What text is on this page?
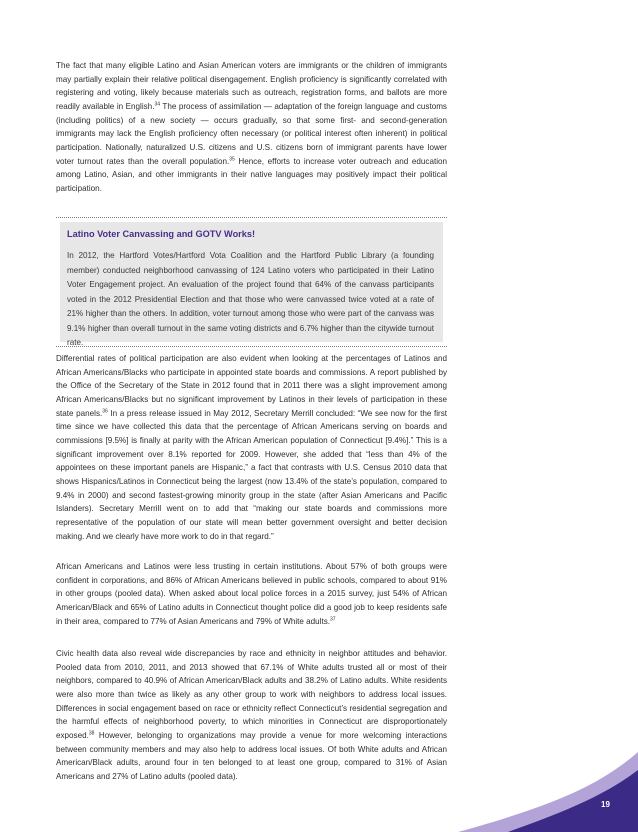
The fact that many eligible Latino and Asian American voters are immigrants or the children of immigrants may partially explain their relative political disengagement. English proficiency is significantly correlated with registering and voting, likely because materials such as outreach, registration forms, and ballots are more readily available in English.$^{34}$ The process of assimilation — adaptation of the foreign language and customs (including politics) of a new society — occurs gradually, so that some first- and second-generation immigrants may lack the English proficiency often necessary (or political interest often inherent) in political participation. Nationally, naturalized U.S. citizens and U.S. citizens born of immigrant parents have lower voter turnout rates than the overall population.$^{35}$ Hence, efforts to increase voter outreach and education among Latino, Asian, and other immigrants in their native languages may positively impact their political participation.

Latino Voter Canvassing and GOTV Works!
In 2012, the Hartford Votes/Hartford Vota Coalition and the Hartford Public Library (a founding member) conducted neighborhood canvassing of 124 Latino voters who participated in their Latino Voter Engagement project. An evaluation of the project found that 64% of the canvass participants voted in the 2012 Presidential Election and that those who were canvassed twice voted at a rate of 21% higher than the others. In addition, voter turnout among those who were part of the canvass was 9.1% higher than overall turnout in the same voting districts and 6.7% higher than the citywide turnout rate.

Differential rates of political participation are also evident when looking at the percentages of Latinos and African Americans/Blacks who participate in appointed state boards and commissions. A report published by the Office of the Secretary of the State in 2012 found that in 2011 there was a slight improvement among African Americans/Blacks but no significant improvement by Latinos in their levels of participation in these state panels.$^{36}$ In a press release issued in May 2012, Secretary Merrill concluded: “We see now for the first time since we have collected this data that the percentage of African Americans serving on boards and commissions [9.5%] is finally at parity with the African American population of Connecticut [9.4%].” This is a significant improvement over 8.1% reported for 2009. However, she added that “less than 4% of the appointees on these important panels are Hispanic,” a fact that contrasts with U.S. Census 2010 data that shows Hispanics/Latinos in Connecticut being the largest (now 13.4% of the state’s population, compared to 9.4% in 2000) and second fastest-growing minority group in the state (after Asian Americans and Pacific Islanders). Secretary Merrill went on to add that “making our state boards and commissions more representative of the population of our state will mean better government oversight and better decision making. And we clearly have more work to do in that regard.”

African Americans and Latinos were less trusting in certain institutions. About 57% of both groups were confident in corporations, and 86% of African Americans believed in public schools, compared to about 91% in other groups (pooled data). When asked about local police forces in a 2015 survey, just 54% of African American/Black and 65% of Latino adults in Connecticut thought police did a good job to keep residents safe in their area, compared to 77% of Asian Americans and 79% of White adults.$^{37}$

Civic health data also reveal wide discrepancies by race and ethnicity in neighbor attitudes and behavior. Pooled data from 2010, 2011, and 2013 showed that 67.1% of White adults trusted all or most of their neighbors, compared to 40.9% of African American/Black adults and 38.2% of Latino adults. White residents were also more than twice as likely as any other group to work with neighbors to address local issues. Differences in social engagement based on race or ethnicity reflect Connecticut’s residential segregation and the harmful effects of neighborhood poverty, to which minorities in Connecticut are disproportionately exposed.$^{38}$ However, belonging to organizations may provide a venue for more welcoming interactions between community members and may also help to address local issues. Of both White adults and African American/Black adults, around four in ten belonged to at least one group, compared to 31% of Asian Americans and 27% of Latino adults (pooled data).

19
